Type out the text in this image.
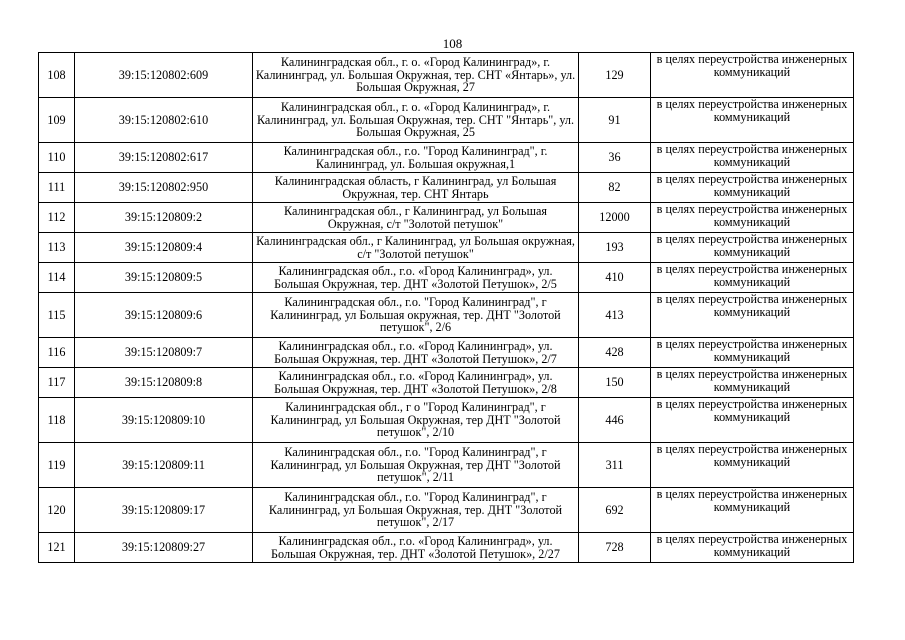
108
108	39:15:120802:609	Калининградская обл., г. о. «Город Калининград», г. Калининград, ул. Большая Окружная, тер. СНТ «Янтарь», ул. Большая Окружная, 27	129	в целях переустройства инженерных коммуникаций
109	39:15:120802:610	Калининградская обл., г. о. «Город Калининград», г. Калининград, ул. Большая Окружная, тер. СНТ "Янтарь", ул. Большая Окружная, 25	91	в целях переустройства инженерных коммуникаций
110	39:15:120802:617	Калининградская обл., г.о. "Город Калининград", г. Калининград, ул. Большая окружная,1	36	в целях переустройства инженерных коммуникаций
111	39:15:120802:950	Калининградская область, г Калининград, ул Большая Окружная, тер. СНТ Янтарь	82	в целях переустройства инженерных коммуникаций
112	39:15:120809:2	Калининградская обл., г Калининград, ул Большая Окружная, с/т "Золотой петушок"	12000	в целях переустройства инженерных коммуникаций
113	39:15:120809:4	Калининградская обл., г Калининград, ул Большая окружная, с/т "Золотой петушок"	193	в целях переустройства инженерных коммуникаций
114	39:15:120809:5	Калининградская обл., г.о. «Город Калининград», ул. Большая Окружная, тер. ДНТ «Золотой Петушок», 2/5	410	в целях переустройства инженерных коммуникаций
115	39:15:120809:6	Калининградская обл., г.о. "Город Калининград", г Калининград, ул Большая окружная, тер. ДНТ "Золотой петушок", 2/6	413	в целях переустройства инженерных коммуникаций
116	39:15:120809:7	Калининградская обл., г.о. «Город Калининград», ул. Большая Окружная, тер. ДНТ «Золотой Петушок», 2/7	428	в целях переустройства инженерных коммуникаций
117	39:15:120809:8	Калининградская обл., г.о. «Город Калининград», ул. Большая Окружная, тер. ДНТ «Золотой Петушок», 2/8	150	в целях переустройства инженерных коммуникаций
118	39:15:120809:10	Калининградская обл., г о "Город Калининград", г Калининград, ул Большая Окружная, тер ДНТ "Золотой петушок", 2/10	446	в целях переустройства инженерных коммуникаций
119	39:15:120809:11	Калининградская обл., г.о. "Город Калининград", г Калининград, ул Большая Окружная, тер ДНТ "Золотой петушок", 2/11	311	в целях переустройства инженерных коммуникаций
120	39:15:120809:17	Калининградская обл., г.о. "Город Калининград", г Калининград, ул Большая Окружная, тер. ДНТ "Золотой петушок", 2/17	692	в целях переустройства инженерных коммуникаций
121	39:15:120809:27	Калининградская обл., г.о. «Город Калининград», ул. Большая Окружная, тер. ДНТ «Золотой Петушок», 2/27	728	в целях переустройства инженерных коммуникаций
